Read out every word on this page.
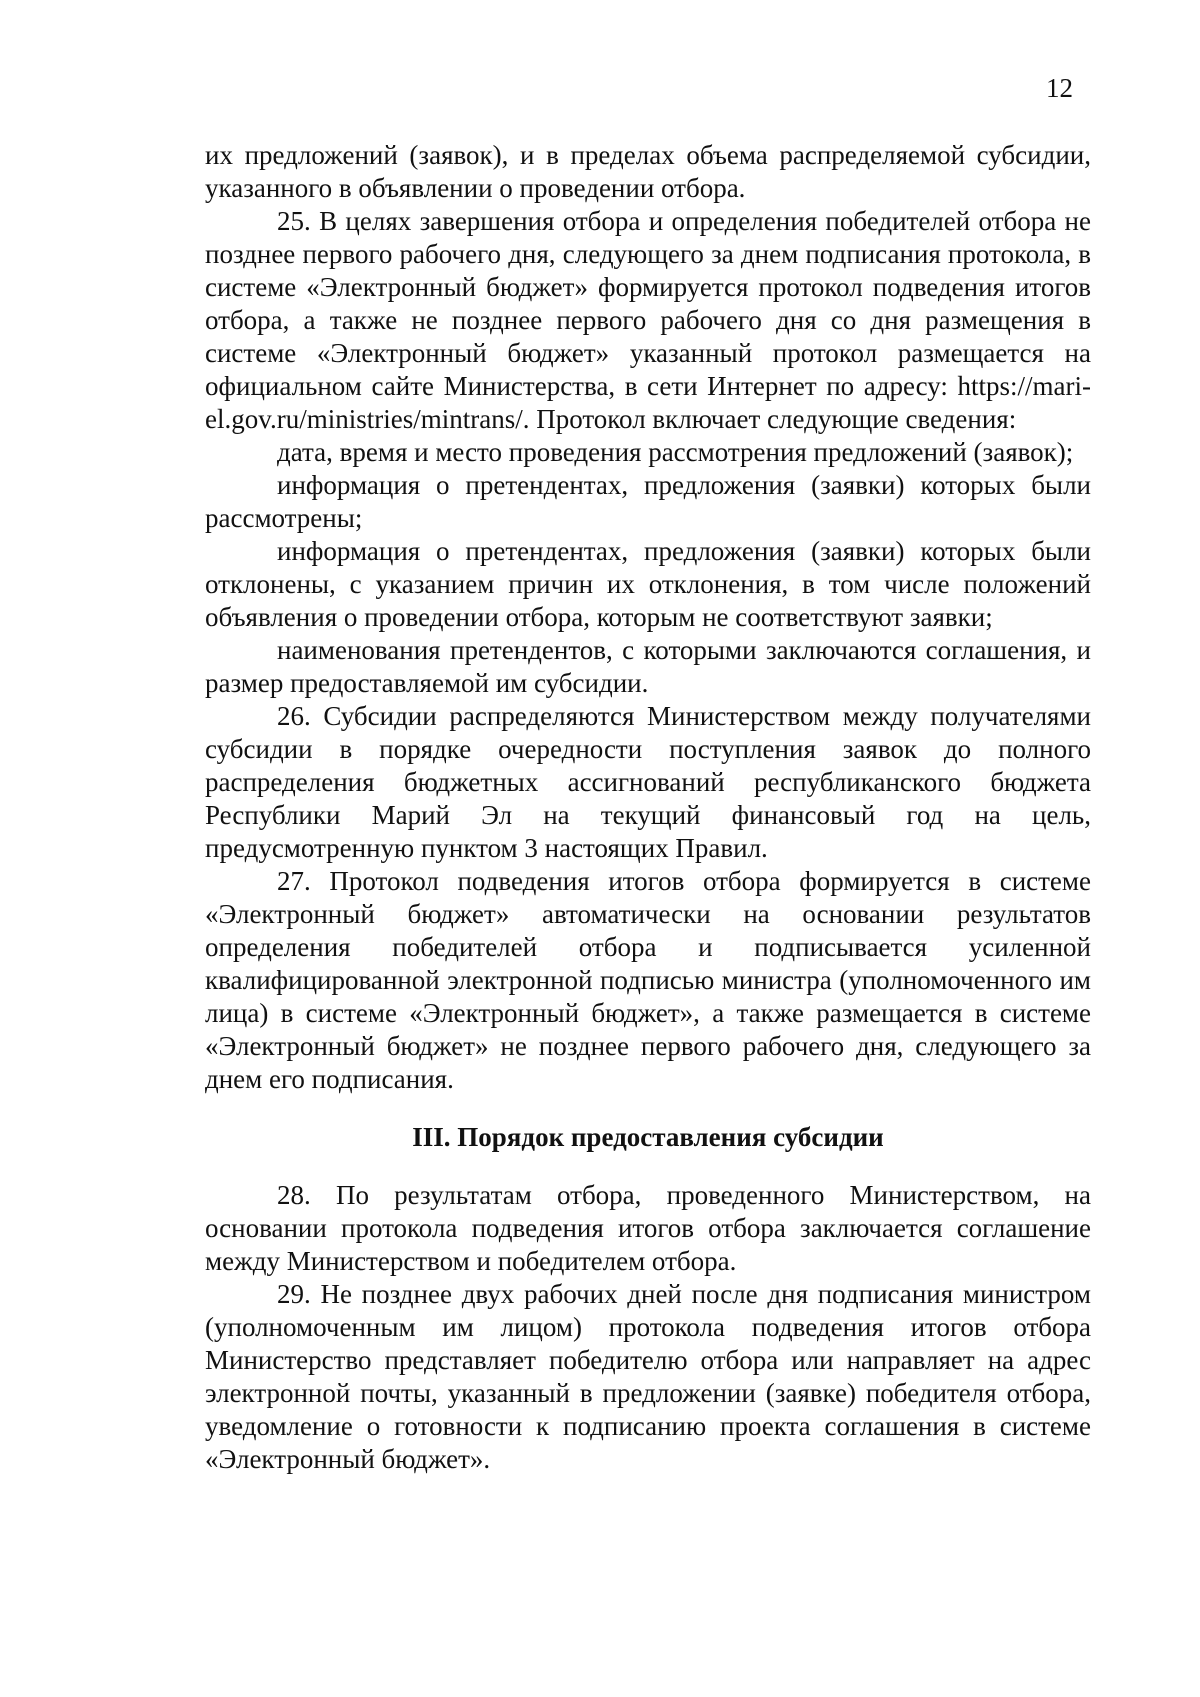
12

их предложений (заявок), и в пределах объема распределяемой субсидии, указанного в объявлении о проведении отбора.

25. В целях завершения отбора и определения победителей отбора не позднее первого рабочего дня, следующего за днем подписания протокола, в системе «Электронный бюджет» формируется протокол подведения итогов отбора, а также не позднее первого рабочего дня со дня размещения в системе «Электронный бюджет» указанный протокол размещается на официальном сайте Министерства, в сети Интернет по адресу: https://mari-el.gov.ru/ministries/mintrans/. Протокол включает следующие сведения:

дата, время и место проведения рассмотрения предложений (заявок);

информация о претендентах, предложения (заявки) которых были рассмотрены;

информация о претендентах, предложения (заявки) которых были отклонены, с указанием причин их отклонения, в том числе положений объявления о проведении отбора, которым не соответствуют заявки;

наименования претендентов, с которыми заключаются соглашения, и размер предоставляемой им субсидии.

26. Субсидии распределяются Министерством между получателями субсидии в порядке очередности поступления заявок до полного распределения бюджетных ассигнований республиканского бюджета Республики Марий Эл на текущий финансовый год на цель, предусмотренную пунктом 3 настоящих Правил.

27. Протокол подведения итогов отбора формируется в системе «Электронный бюджет» автоматически на основании результатов определения победителей отбора и подписывается усиленной квалифицированной электронной подписью министра (уполномоченного им лица) в системе «Электронный бюджет», а также размещается в системе «Электронный бюджет» не позднее первого рабочего дня, следующего за днем его подписания.

III. Порядок предоставления субсидии

28. По результатам отбора, проведенного Министерством, на основании протокола подведения итогов отбора заключается соглашение между Министерством и победителем отбора.

29. Не позднее двух рабочих дней после дня подписания министром (уполномоченным им лицом) протокола подведения итогов отбора Министерство представляет победителю отбора или направляет на адрес электронной почты, указанный в предложении (заявке) победителя отбора, уведомление о готовности к подписанию проекта соглашения в системе «Электронный бюджет».
